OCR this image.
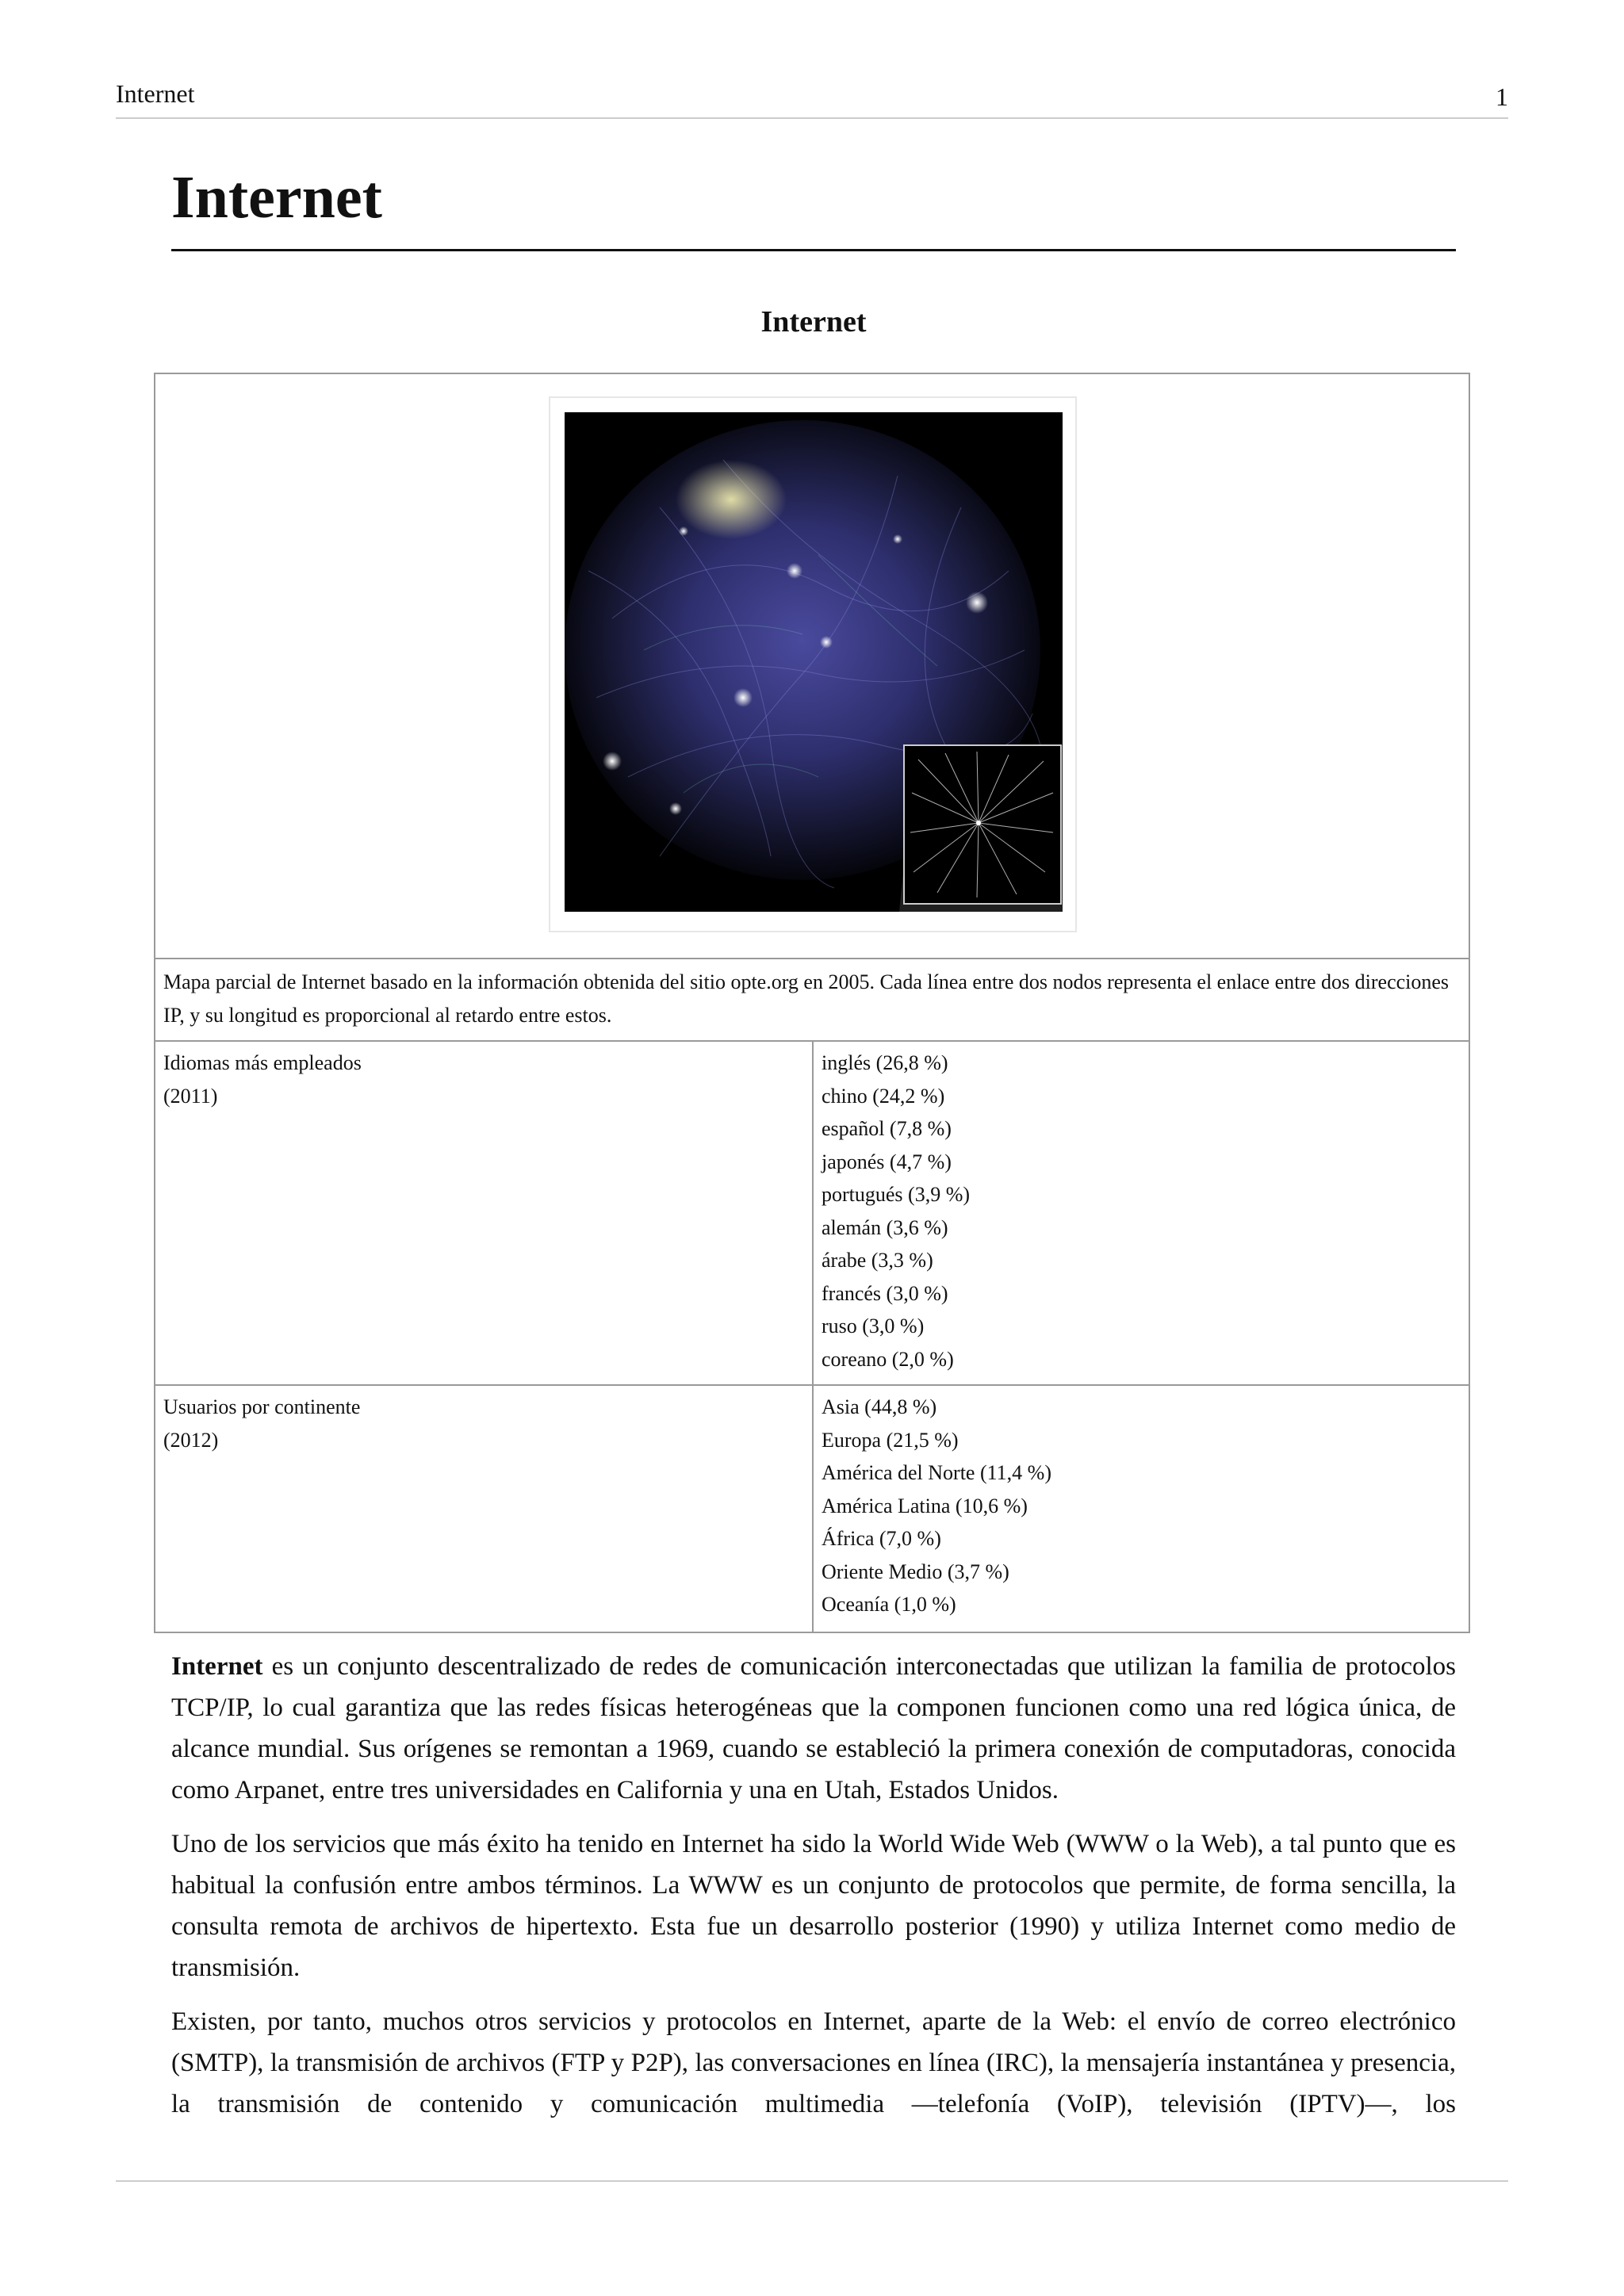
Internet	1
Internet
Internet
Mapa parcial de Internet basado en la información obtenida del sitio opte.org en 2005. Cada línea entre dos nodos representa el enlace entre dos direcciones IP, y su longitud es proporcional al retardo entre estos.
Idiomas más empleados
(2011)
inglés (26,8 %)
chino (24,2 %)
español (7,8 %)
japonés (4,7 %)
portugués (3,9 %)
alemán (3,6 %)
árabe (3,3 %)
francés (3,0 %)
ruso (3,0 %)
coreano (2,0 %)
Usuarios por continente
(2012)
Asia (44,8 %)
Europa (21,5 %)
América del Norte (11,4 %)
América Latina (10,6 %)
África (7,0 %)
Oriente Medio (3,7 %)
Oceanía (1,0 %)

Internet es un conjunto descentralizado de redes de comunicación interconectadas que utilizan la familia de protocolos TCP/IP, lo cual garantiza que las redes físicas heterogéneas que la componen funcionen como una red lógica única, de alcance mundial. Sus orígenes se remontan a 1969, cuando se estableció la primera conexión de computadoras, conocida como Arpanet, entre tres universidades en California y una en Utah, Estados Unidos.

Uno de los servicios que más éxito ha tenido en Internet ha sido la World Wide Web (WWW o la Web), a tal punto que es habitual la confusión entre ambos términos. La WWW es un conjunto de protocolos que permite, de forma sencilla, la consulta remota de archivos de hipertexto. Esta fue un desarrollo posterior (1990) y utiliza Internet como medio de transmisión.

Existen, por tanto, muchos otros servicios y protocolos en Internet, aparte de la Web: el envío de correo electrónico (SMTP), la transmisión de archivos (FTP y P2P), las conversaciones en línea (IRC), la mensajería instantánea y presencia, la transmisión de contenido y comunicación multimedia —telefonía (VoIP), televisión (IPTV)—, los
